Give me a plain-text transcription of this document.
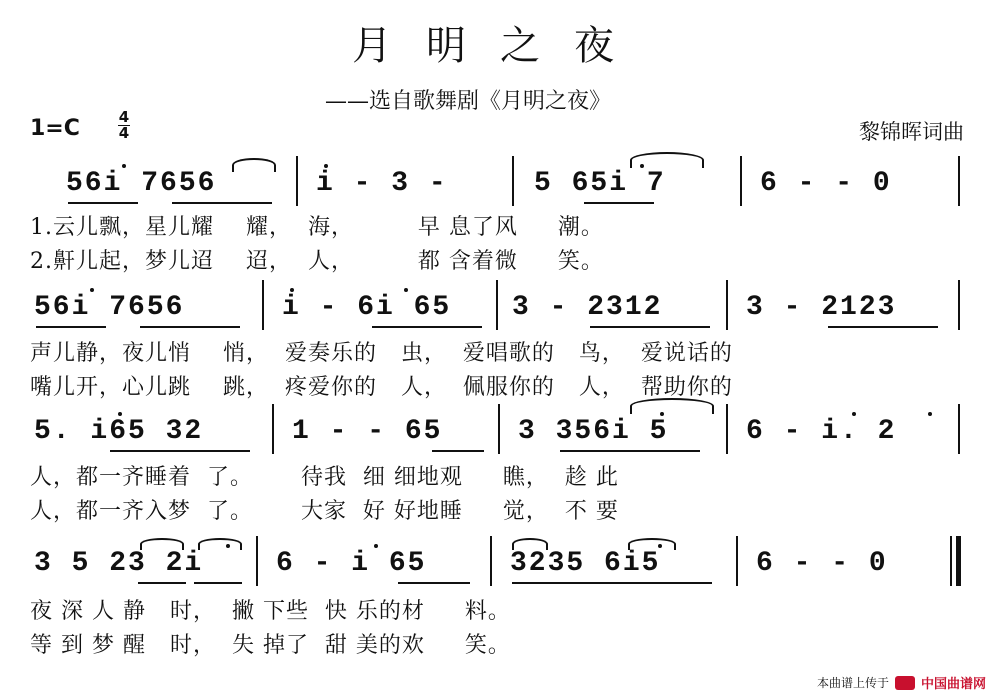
月明之夜
——选自歌舞剧《月明之夜》
1=C	4
4	黎锦晖词曲
56i 7656	i - 3 -	5 65i 7	6 - - 0
1.云儿飘，星儿耀    耀，  海，        早 息了风     潮。
2.鼾儿起，梦儿迢    迢，  人，        都 含着微     笑。
56i 7656	i - 6i 65 3 - 2312	3 - 2123
声儿静，夜儿悄    悄，  爱奏乐的   虫，  爱唱歌的   鸟，  爱说话的
嘴儿开，心儿跳    跳，  疼爱你的   人，  佩服你的   人，  帮助你的
5. i65 32	1 - - 65	3 356i 5	6 - i. 2
人，都一齐睡着  了。      待我  细 细地观     瞧，  趁 此
人，都一齐入梦  了。      大家  好 好地睡     觉，  不 要
3 5 23 2i	6 - i 65	3235 6i5	6 - - 0
夜 深 人 静   时，  撇 下些  快 乐的材     料。
等 到 梦 醒   时，  失 掉了  甜 美的欢     笑。
本曲谱上传于 中国曲谱网
